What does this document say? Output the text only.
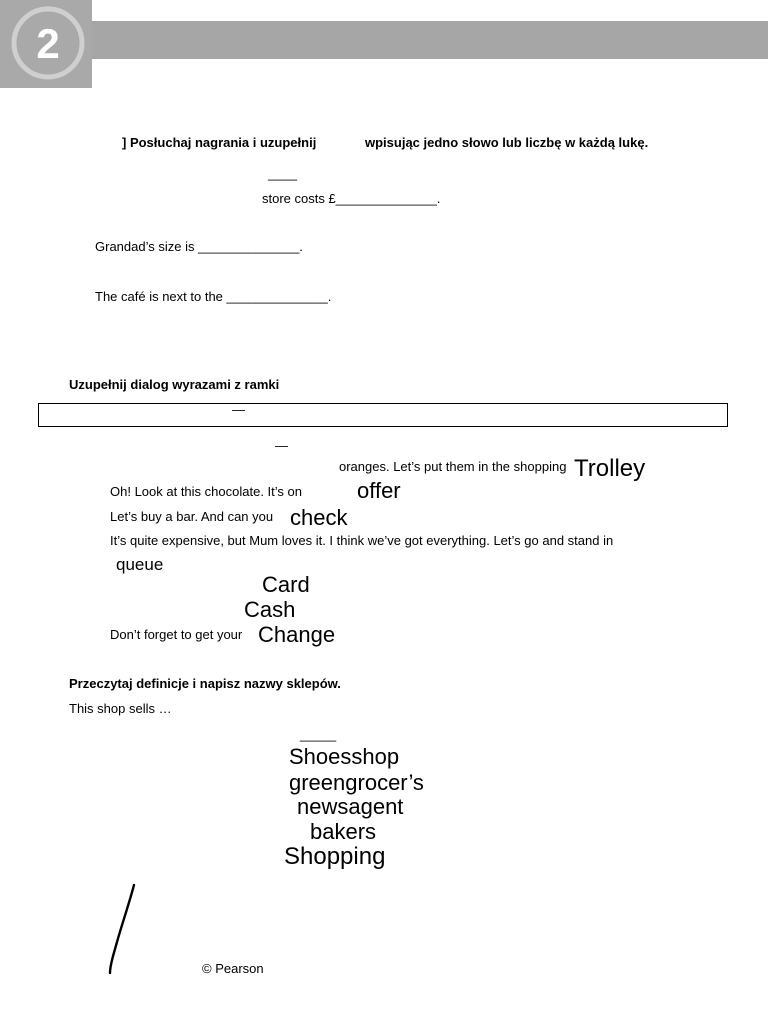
2
] Posłuchaj nagrania i uzupełnij	wpisując jedno słowo lub liczbę w każdą lukę.
____
store costs £______________.
Grandad’s size is ______________.
The café is next to the ______________.
Uzupełnij dialog wyrazami z ramki
—
—
oranges. Let’s put them in the shopping Trolley
Oh! Look at this chocolate. It’s on	offer
Let’s buy a bar. And can you check
It’s quite expensive, but Mum loves it. I think we’ve got everything. Let’s go and stand in
queue
Card
Cash
Don’t forget to get your Change
Przeczytaj definicje i napisz nazwy sklepów.
This shop sells …
_____
Shoesshop
greengrocer’s
newsagent
bakers
Shopping
© Pearson
